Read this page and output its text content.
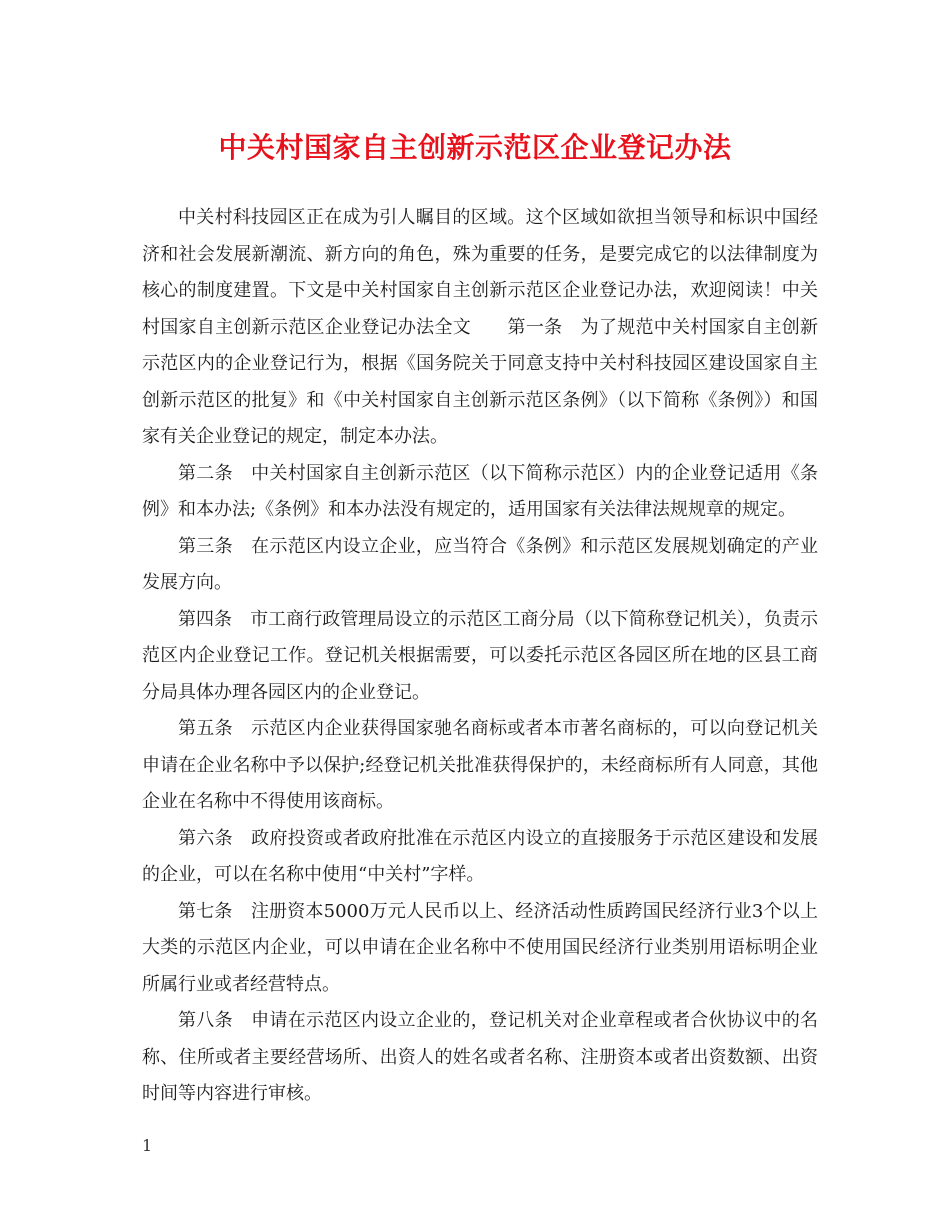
中关村国家自主创新示范区企业登记办法

中关村科技园区正在成为引人瞩目的区域。这个区域如欲担当领导和标识中国经济和社会发展新潮流、新方向的角色，殊为重要的任务，是要完成它的以法律制度为核心的制度建置。下文是中关村国家自主创新示范区企业登记办法，欢迎阅读！中关村国家自主创新示范区企业登记办法全文　　第一条　为了规范中关村国家自主创新示范区内的企业登记行为，根据《国务院关于同意支持中关村科技园区建设国家自主创新示范区的批复》和《中关村国家自主创新示范区条例》（以下简称《条例》）和国家有关企业登记的规定，制定本办法。

第二条　中关村国家自主创新示范区（以下简称示范区）内的企业登记适用《条例》和本办法;《条例》和本办法没有规定的，适用国家有关法律法规规章的规定。

第三条　在示范区内设立企业，应当符合《条例》和示范区发展规划确定的产业发展方向。

第四条　市工商行政管理局设立的示范区工商分局（以下简称登记机关），负责示范区内企业登记工作。登记机关根据需要，可以委托示范区各园区所在地的区县工商分局具体办理各园区内的企业登记。

第五条　示范区内企业获得国家驰名商标或者本市著名商标的，可以向登记机关申请在企业名称中予以保护;经登记机关批准获得保护的，未经商标所有人同意，其他企业在名称中不得使用该商标。

第六条　政府投资或者政府批准在示范区内设立的直接服务于示范区建设和发展的企业，可以在名称中使用“中关村”字样。

第七条　注册资本5000万元人民币以上、经济活动性质跨国民经济行业3个以上大类的示范区内企业，可以申请在企业名称中不使用国民经济行业类别用语标明企业所属行业或者经营特点。

第八条　申请在示范区内设立企业的，登记机关对企业章程或者合伙协议中的名称、住所或者主要经营场所、出资人的姓名或者名称、注册资本或者出资数额、出资时间等内容进行审核。

1
